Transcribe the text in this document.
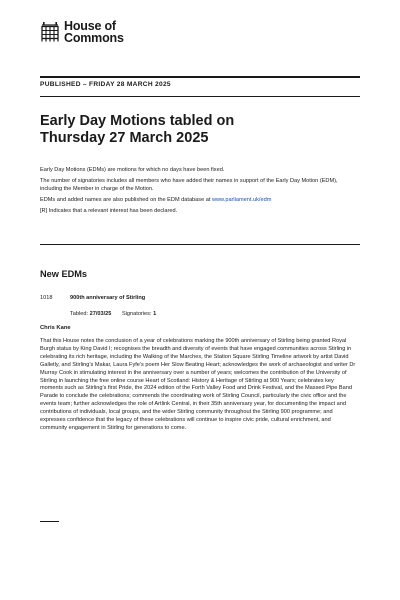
House of
Commons
PUBLISHED – FRIDAY 28 MARCH 2025
Early Day Motions tabled on
Thursday 27 March 2025

Early Day Motions (EDMs) are motions for which no days have been fixed.

The number of signatories includes all members who have added their names in support of the Early Day Motion (EDM), including the Member in charge of the Motion.

EDMs and added names are also published on the EDM database at www.parliament.uk/edm

[R] Indicates that a relevant interest has been declared.

New EDMs
1018	900th anniversary of Stirling
Tabled: 27/03/25 Signatories: 1
Chris Kane

That this House notes the conclusion of a year of celebrations marking the 900th anniversary of Stirling being granted Royal Burgh status by King David I; recognises the breadth and diversity of events that have engaged communities across Stirling in celebrating its rich heritage, including the Walking of the Marches, the Station Square Stirling Timeline artwork by artist David Galletly, and Stirling’s Makar, Laura Fyfe’s poem Her Slow Beating Heart; acknowledges the work of archaeologist and writer Dr Murray Cook in stimulating interest in the anniversary over a number of years; welcomes the contribution of the University of Stirling in launching the free online course Heart of Scotland: History & Heritage of Stirling at 900 Years; celebrates key moments such as Stirling’s first Pride, the 2024 edition of the Forth Valley Food and Drink Festival, and the Massed Pipe Band Parade to conclude the celebrations; commends the coordinating work of Stirling Council, particularly the civic office and the events team; further acknowledges the role of Artlink Central, in their 35th anniversary year, for documenting the impact and contributions of individuals, local groups, and the wider Stirling community throughout the Stirling 900 programme; and expresses confidence that the legacy of these celebrations will continue to inspire civic pride, cultural enrichment, and community engagement in Stirling for generations to come.
